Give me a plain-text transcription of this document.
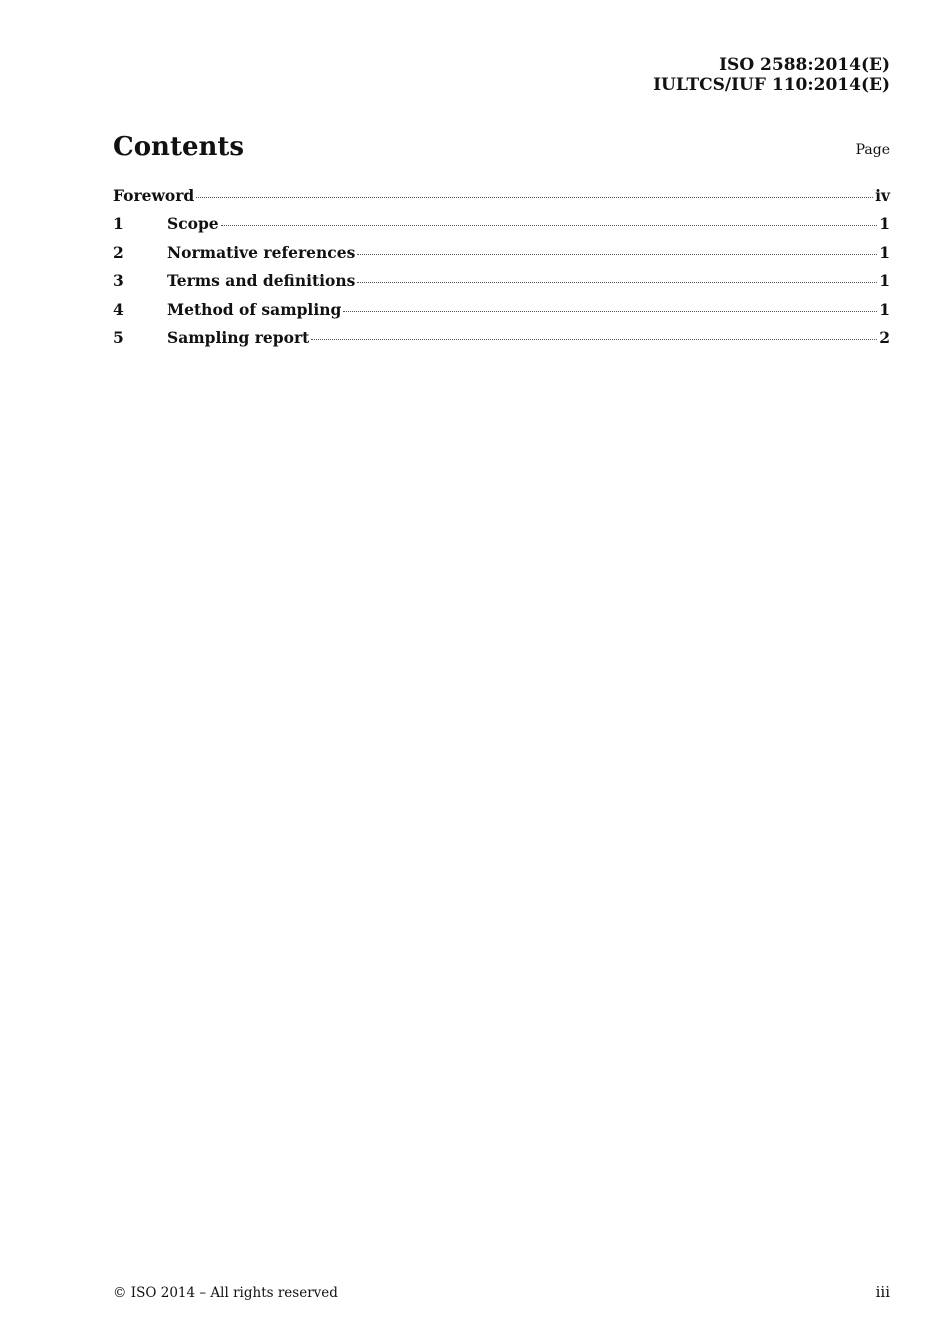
ISO 2588:2014(E)
IULTCS/IUF 110:2014(E)
Contents	Page
Foreword	iv
1	Scope	1
2	Normative references	1
3	Terms and definitions	1
4	Method of sampling	1
5	Sampling report	2
© ISO 2014 – All rights reserved	iii
